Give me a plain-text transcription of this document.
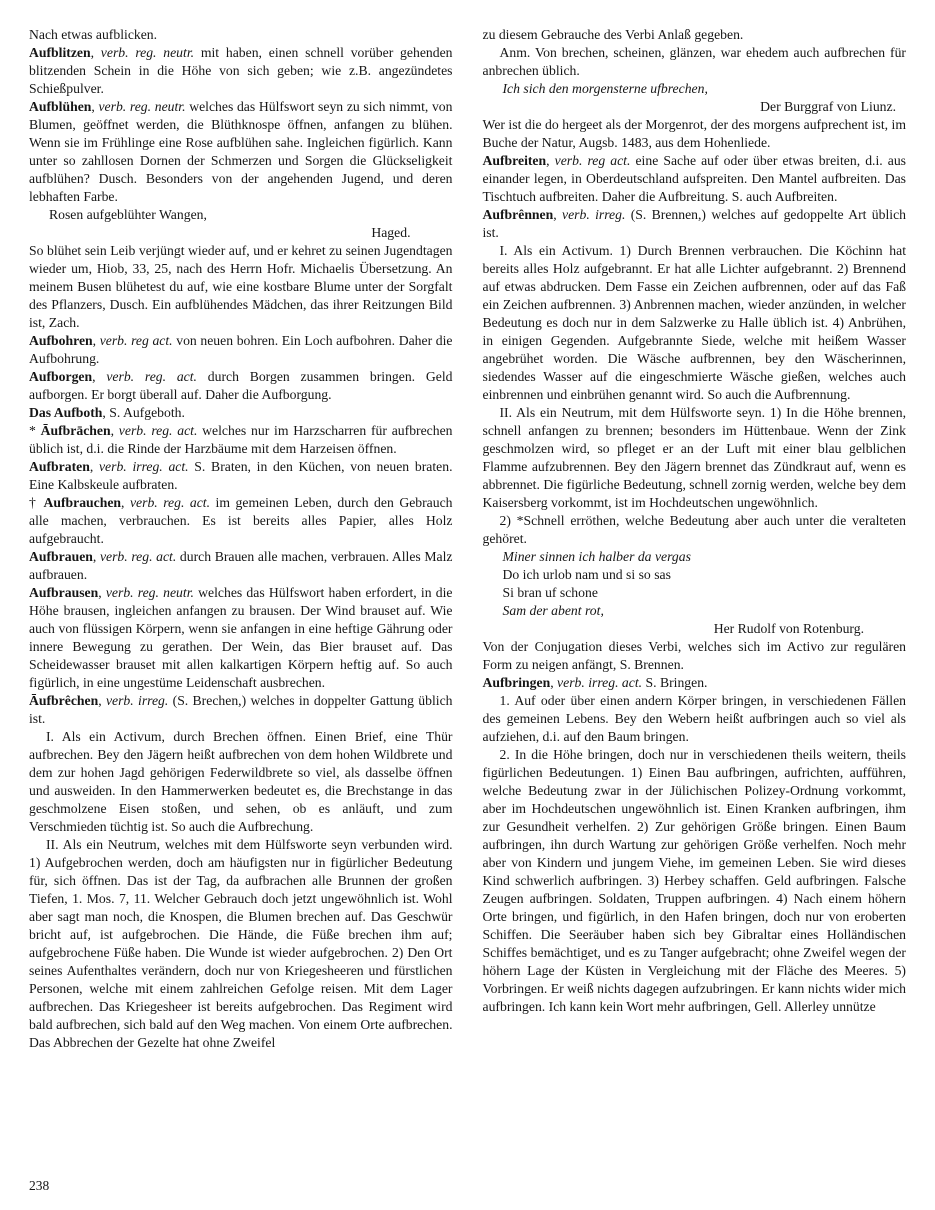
Nach etwas aufblicken.
Aufblitzen, verb. reg. neutr. mit haben, einen schnell vorüber gehenden blitzenden Schein in die Höhe von sich geben; wie z.B. angezündetes Schießpulver.
Aufblühen, verb. reg. neutr. welches das Hülfswort seyn zu sich nimmt, von Blumen, geöffnet werden, die Blüthknospe öffnen, anfangen zu blühen. Wenn sie im Frühlinge eine Rose aufblühen sahe. Ingleichen figürlich. Kann unter so zahllosen Dornen der Schmerzen und Sorgen die Glückseligkeit aufblühen? Dusch. Besonders von der angehenden Jugend, und deren lebhaften Farbe.
Rosen aufgeblühter Wangen,
Haged.
So blühet sein Leib verjüngt wieder auf, und er kehret zu seinen Jugendtagen wieder um, Hiob, 33, 25, nach des Herrn Hofr. Michaelis Übersetzung. An meinem Busen blühetest du auf, wie eine kostbare Blume unter der Sorgfalt des Pflanzers, Dusch. Ein aufblühendes Mädchen, das ihrer Reitzungen Bild ist, Zach.
Aufbohren, verb. reg act. von neuen bohren. Ein Loch aufbohren. Daher die Aufbohrung.
Aufborgen, verb. reg. act. durch Borgen zusammen bringen. Geld aufborgen. Er borgt überall auf. Daher die Aufborgung.
Das Aufboth, S. Aufgeboth.
* Āufbrāchen, verb. reg. act. welches nur im Harzscharren für aufbrechen üblich ist, d.i. die Rinde der Harzbäume mit dem Harzeisen öffnen.
Aufbraten, verb. irreg. act. S. Braten, in den Küchen, von neuen braten. Eine Kalbskeule aufbraten.
† Aufbrauchen, verb. reg. act. im gemeinen Leben, durch den Gebrauch alle machen, verbrauchen. Es ist bereits alles Papier, alles Holz aufgebraucht.
Aufbrauen, verb. reg. act. durch Brauen alle machen, verbrauen. Alles Malz aufbrauen.
Aufbrausen, verb. reg. neutr. welches das Hülfswort haben erfordert, in die Höhe brausen, ingleichen anfangen zu brausen. Der Wind brauset auf. Wie auch von flüssigen Körpern, wenn sie anfangen in eine heftige Gährung oder innere Bewegung zu gerathen. Der Wein, das Bier brauset auf. Das Scheidewasser brauset mit allen kalkartigen Körpern heftig auf. So auch figürlich, in eine ungestüme Leidenschaft ausbrechen.
Āufbrêchen, verb. irreg. (S. Brechen,) welches in doppelter Gattung üblich ist.
I. Als ein Activum, durch Brechen öffnen. Einen Brief, eine Thür aufbrechen. Bey den Jägern heißt aufbrechen von dem hohen Wildbrete und dem zur hohen Jagd gehörigen Federwildbrete so viel, als dasselbe öffnen und ausweiden. In den Hammerwerken bedeutet es, die Brechstange in das geschmolzene Eisen stoßen, und sehen, ob es anläuft, und zum Verschmieden tüchtig ist. So auch die Aufbrechung.
II. Als ein Neutrum, welches mit dem Hülfsworte seyn verbunden wird. 1) Aufgebrochen werden, doch am häufigsten nur in figürlicher Bedeutung für, sich öffnen. Das ist der Tag, da aufbrachen alle Brunnen der großen Tiefen, 1. Mos. 7, 11. Welcher Gebrauch doch jetzt ungewöhnlich ist. Wohl aber sagt man noch, die Knospen, die Blumen brechen auf. Das Geschwür bricht auf, ist aufgebrochen. Die Hände, die Füße brechen ihm auf; aufgebrochene Füße haben. Die Wunde ist wieder aufgebrochen. 2) Den Ort seines Aufenthaltes verändern, doch nur von Kriegesheeren und fürstlichen Personen, welche mit einem zahlreichen Gefolge reisen. Mit dem Lager aufbrechen. Das Kriegesheer ist bereits aufgebrochen. Das Regiment wird bald aufbrechen, sich bald auf den Weg machen. Von einem Orte aufbrechen. Das Abbrechen der Gezelte hat ohne Zweifel
zu diesem Gebrauche des Verbi Anlaß gegeben.
Anm. Von brechen, scheinen, glänzen, war ehedem auch aufbrechen für anbrechen üblich.
Ich sich den morgensterne ufbrechen,
Der Burggraf von Liunz.
Wer ist die do hergeet als der Morgenrot, der des morgens aufprechent ist, im Buche der Natur, Augsb. 1483, aus dem Hohenliede.
Aufbreiten, verb. reg act. eine Sache auf oder über etwas breiten, d.i. aus einander legen, in Oberdeutschland aufspreiten. Den Mantel aufbreiten. Das Tischtuch aufbreiten. Daher die Aufbreitung. S. auch Aufbreiten.
Aufbrênnen, verb. irreg. (S. Brennen,) welches auf gedoppelte Art üblich ist.
I. Als ein Activum. 1) Durch Brennen verbrauchen. Die Köchinn hat bereits alles Holz aufgebrannt. Er hat alle Lichter aufgebrannt. 2) Brennend auf etwas abdrucken. Dem Fasse ein Zeichen aufbrennen, oder auf das Faß ein Zeichen aufbrennen. 3) Anbrennen machen, wieder anzünden, in welcher Bedeutung es doch nur in dem Salzwerke zu Halle üblich ist. 4) Anbrühen, in einigen Gegenden. Aufgebrannte Siede, welche mit heißem Wasser angebrühet worden. Die Wäsche aufbrennen, bey den Wäscherinnen, siedendes Wasser auf die eingeschmierte Wäsche gießen, welches auch einbrennen und einbrühen genannt wird. So auch die Aufbrennung.
II. Als ein Neutrum, mit dem Hülfsworte seyn. 1) In die Höhe brennen, schnell anfangen zu brennen; besonders im Hüttenbaue. Wenn der Zink geschmolzen wird, so pfleget er an der Luft mit einer blau gelblichen Flamme aufzubrennen. Bey den Jägern brennet das Zündkraut auf, wenn es abbrennet. Die figürliche Bedeutung, schnell zornig werden, welche bey dem Kaisersberg vorkommt, ist im Hochdeutschen ungewöhnlich.
2) *Schnell erröthen, welche Bedeutung aber auch unter die veralteten gehöret.
Miner sinnen ich halber da vergas
Do ich urlob nam und si so sas
Si bran uf schone
Sam der abent rot,
Her Rudolf von Rotenburg.
Von der Conjugation dieses Verbi, welches sich im Activo zur regulären Form zu neigen anfängt, S. Brennen.
Aufbringen, verb. irreg. act. S. Bringen.
1. Auf oder über einen andern Körper bringen, in verschiedenen Fällen des gemeinen Lebens. Bey den Webern heißt aufbringen auch so viel als aufziehen, d.i. auf den Baum bringen.
2. In die Höhe bringen, doch nur in verschiedenen theils weitern, theils figürlichen Bedeutungen. 1) Einen Bau aufbringen, aufrichten, aufführen, welche Bedeutung zwar in der Jülichischen Polizey-Ordnung vorkommt, aber im Hochdeutschen ungewöhnlich ist. Einen Kranken aufbringen, ihm zur Gesundheit verhelfen. 2) Zur gehörigen Größe bringen. Einen Baum aufbringen, ihn durch Wartung zur gehörigen Größe verhelfen. Noch mehr aber von Kindern und jungem Viehe, im gemeinen Leben. Sie wird dieses Kind schwerlich aufbringen. 3) Herbey schaffen. Geld aufbringen. Falsche Zeugen aufbringen. Soldaten, Truppen aufbringen. 4) Nach einem höhern Orte bringen, und figürlich, in den Hafen bringen, doch nur von eroberten Schiffen. Die Seeräuber haben sich bey Gibraltar eines Holländischen Schiffes bemächtiget, und es zu Tanger aufgebracht; ohne Zweifel wegen der höhern Lage der Küsten in Vergleichung mit der Fläche des Meeres. 5) Vorbringen. Er weiß nichts dagegen aufzubringen. Er kann nichts wider mich aufbringen. Ich kann kein Wort mehr aufbringen, Gell. Allerley unnütze
238
